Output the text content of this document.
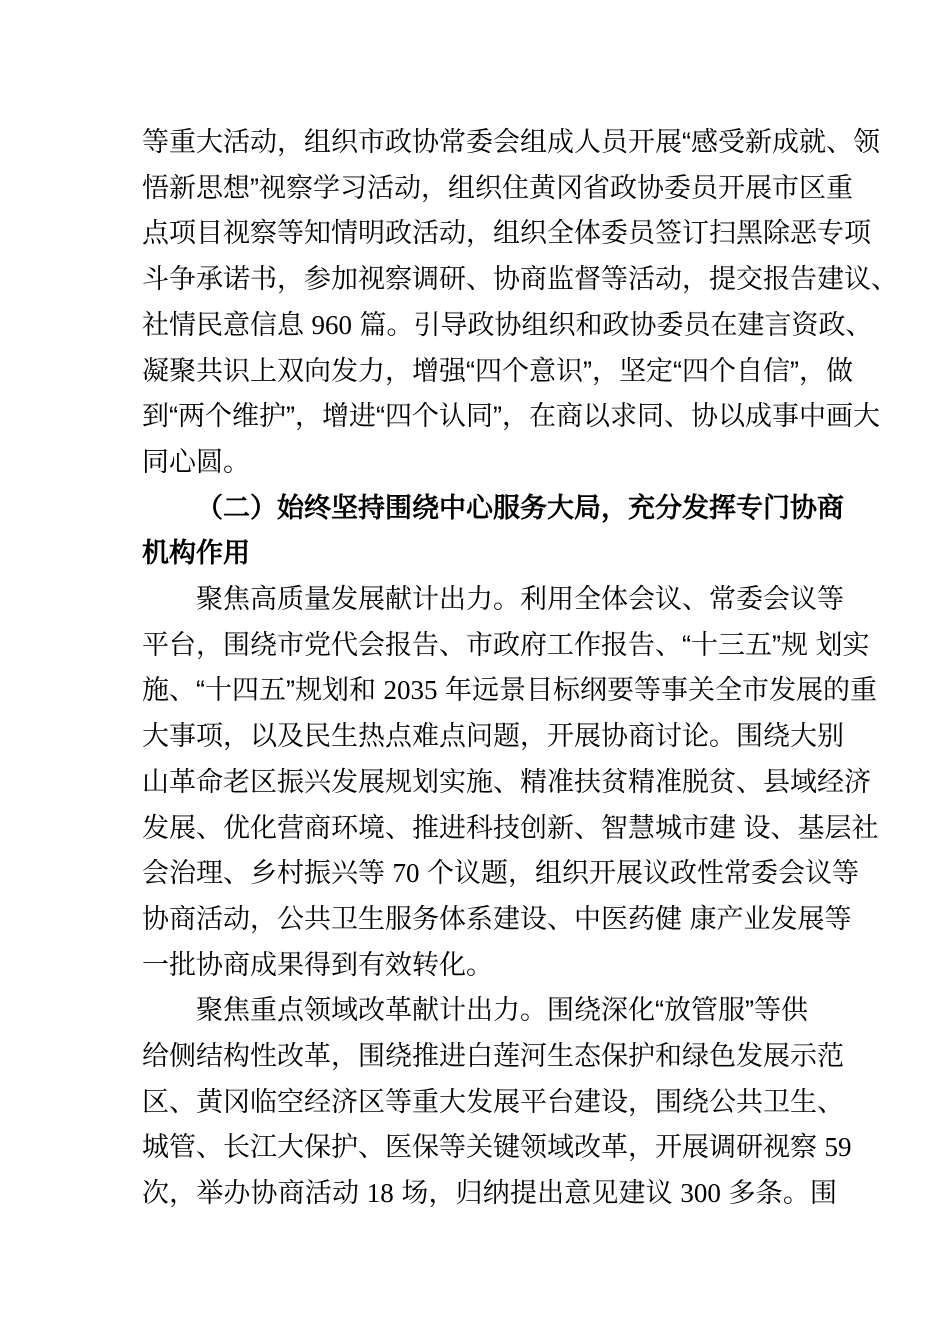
等重大活动，组织市政协常委会组成人员开展“感受新成就、领
悟新思想”视察学习活动，组织住黄冈省政协委员开展市区重
点项目视察等知情明政活动，组织全体委员签订扫黑除恶专项
斗争承诺书，参加视察调研、协商监督等活动，提交报告建议、
社情民意信息 960 篇。引导政协组织和政协委员在建言资政、
凝聚共识上双向发力，增强“四个意识”，坚定“四个自信”，做
到“两个维护”，增进“四个认同”，在商以求同、协以成事中画大
同心圆。
（二）始终坚持围绕中心服务大局，充分发挥专门协商
机构作用
聚焦高质量发展献计出力。利用全体会议、常委会议等
平台，围绕市党代会报告、市政府工作报告、“十三五”规 划实
施、“十四五”规划和 2035 年远景目标纲要等事关全市发展的重
大事项，以及民生热点难点问题，开展协商讨论。围绕大别
山革命老区振兴发展规划实施、精准扶贫精准脱贫、县域经济
发展、优化营商环境、推进科技创新、智慧城市建 设、基层社
会治理、乡村振兴等 70 个议题，组织开展议政性常委会议等
协商活动，公共卫生服务体系建设、中医药健 康产业发展等
一批协商成果得到有效转化。
聚焦重点领域改革献计出力。围绕深化“放管服”等供
给侧结构性改革，围绕推进白莲河生态保护和绿色发展示范
区、黄冈临空经济区等重大发展平台建设，围绕公共卫生、
城管、长江大保护、医保等关键领域改革，开展调研视察 59
次，举办协商活动 18 场，归纳提出意见建议 300 多条。围
